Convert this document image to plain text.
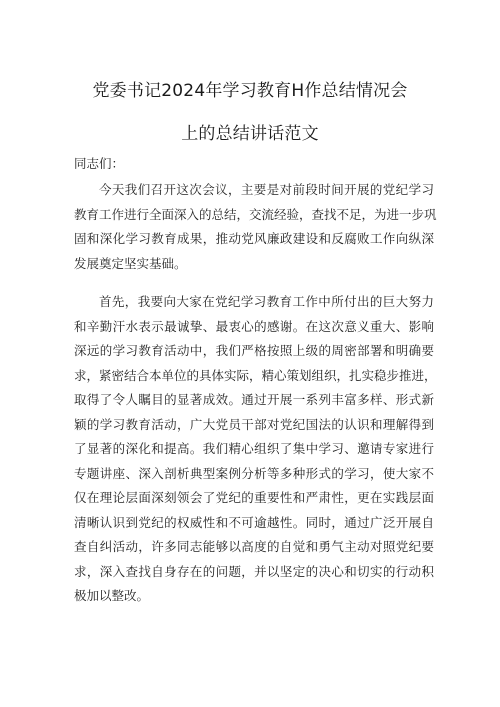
党委书记2024年学习教育H作总结情况会
上的总结讲话范文
同志们：
今天我们召开这次会议，主要是对前段时间开展的党纪学习
教育工作进行全面深入的总结，交流经验，查找不足，为进一步巩
固和深化学习教育成果，推动党风廉政建设和反腐败工作向纵深
发展奠定坚实基础。
首先，我要向大家在党纪学习教育工作中所付出的巨大努力
和辛勤汗水表示最诚挚、最衷心的感谢。在这次意义重大、影响
深远的学习教育活动中，我们严格按照上级的周密部署和明确要
求，紧密结合本单位的具体实际，精心策划组织，扎实稳步推进，
取得了令人瞩目的显著成效。通过开展一系列丰富多样、形式新
颖的学习教育活动，广大党员干部对党纪国法的认识和理解得到
了显著的深化和提高。我们精心组织了集中学习、邀请专家进行
专题讲座、深入剖析典型案例分析等多种形式的学习，使大家不
仅在理论层面深刻领会了党纪的重要性和严肃性，更在实践层面
清晰认识到党纪的权威性和不可逾越性。同时，通过广泛开展自
查自纠活动，许多同志能够以高度的自觉和勇气主动对照党纪要
求，深入查找自身存在的问题，并以坚定的决心和切实的行动积
极加以整改。
